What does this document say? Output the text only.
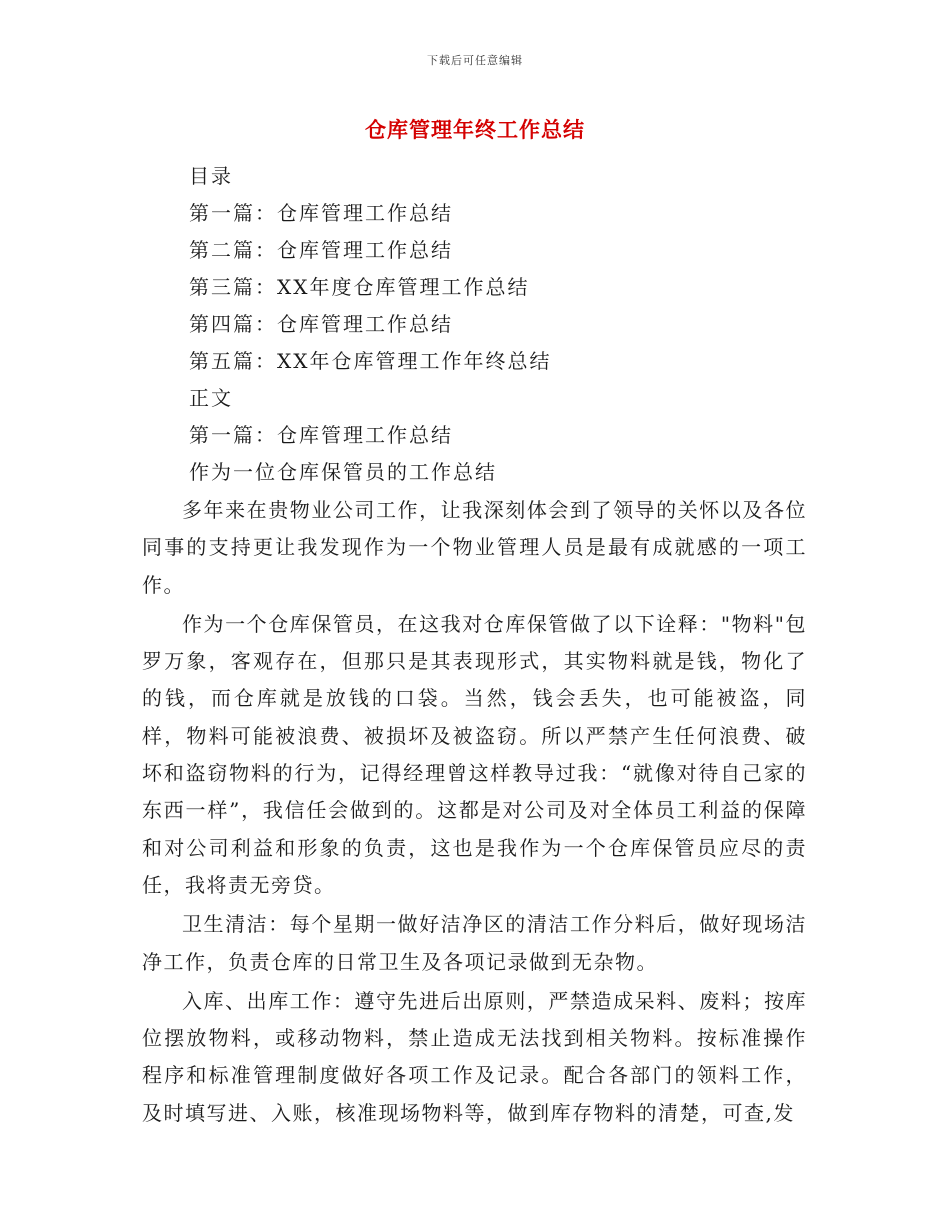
下载后可任意编辑
仓库管理年终工作总结
目录
第一篇：仓库管理工作总结
第二篇：仓库管理工作总结
第三篇：XX年度仓库管理工作总结
第四篇：仓库管理工作总结
第五篇：XX年仓库管理工作年终总结
正文
第一篇：仓库管理工作总结
作为一位仓库保管员的工作总结

多年来在贵物业公司工作，让我深刻体会到了领导的关怀以及各位同事的支持更让我发现作为一个物业管理人员是最有成就感的一项工作。

作为一个仓库保管员，在这我对仓库保管做了以下诠释："物料"包罗万象，客观存在，但那只是其表现形式，其实物料就是钱，物化了的钱，而仓库就是放钱的口袋。当然，钱会丢失，也可能被盗，同样，物料可能被浪费、被损坏及被盗窃。所以严禁产生任何浪费、破坏和盗窃物料的行为，记得经理曾这样教导过我：“就像对待自己家的东西一样”，我信任会做到的。这都是对公司及对全体员工利益的保障和对公司利益和形象的负责，这也是我作为一个仓库保管员应尽的责任，我将责无旁贷。

卫生清洁：每个星期一做好洁净区的清洁工作分料后，做好现场洁净工作，负责仓库的日常卫生及各项记录做到无杂物。

入库、出库工作：遵守先进后出原则，严禁造成呆料、废料；按库位摆放物料，或移动物料，禁止造成无法找到相关物料。按标准操作程序和标准管理制度做好各项工作及记录。配合各部门的领料工作，及时填写进、入账，核准现场物料等，做到库存物料的清楚，可查,发
